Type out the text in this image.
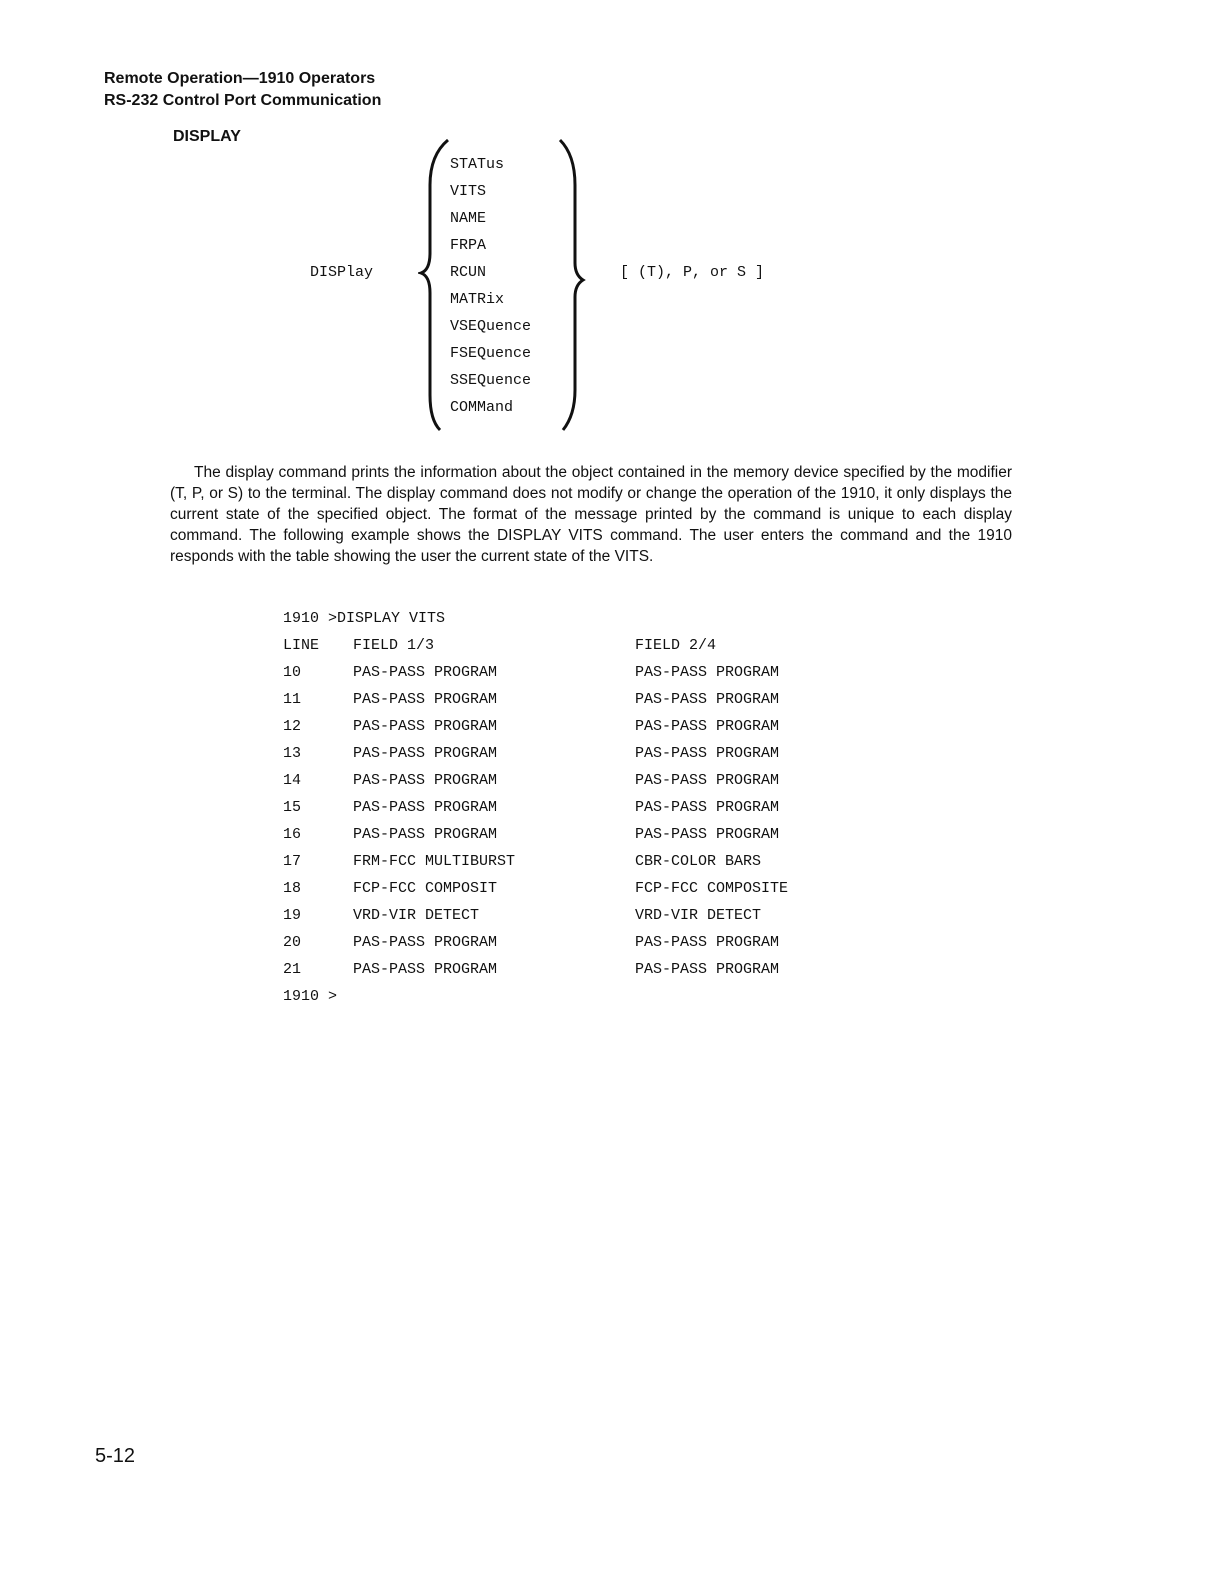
Remote Operation—1910 Operators
RS-232 Control Port Communication
DISPLAY
DISPlay
STATus
VITS
NAME
FRPA
RCUN
MATRix
VSEQuence
FSEQuence
SSEQuence
COMMand
[ (T), P, or S ]

The display command prints the information about the object contained in the memory device specified by the modifier (T, P, or S) to the terminal. The display command does not modify or change the operation of the 1910, it only displays the current state of the specified object. The format of the message printed by the command is unique to each display command. The following example shows the DISPLAY VITS command. The user enters the command and the 1910 responds with the table showing the user the current state of the VITS.

1910 >DISPLAY VITS
LINE FIELD 1/3	FIELD 2/4
10	PAS-PASS PROGRAM	PAS-PASS PROGRAM
11	PAS-PASS PROGRAM	PAS-PASS PROGRAM
12	PAS-PASS PROGRAM	PAS-PASS PROGRAM
13	PAS-PASS PROGRAM	PAS-PASS PROGRAM
14	PAS-PASS PROGRAM	PAS-PASS PROGRAM
15	PAS-PASS PROGRAM	PAS-PASS PROGRAM
16	PAS-PASS PROGRAM	PAS-PASS PROGRAM
17	FRM-FCC MULTIBURST	CBR-COLOR BARS
18	FCP-FCC COMPOSIT	FCP-FCC COMPOSITE
19	VRD-VIR DETECT	VRD-VIR DETECT
20	PAS-PASS PROGRAM	PAS-PASS PROGRAM
21	PAS-PASS PROGRAM	PAS-PASS PROGRAM
1910 >
5-12
